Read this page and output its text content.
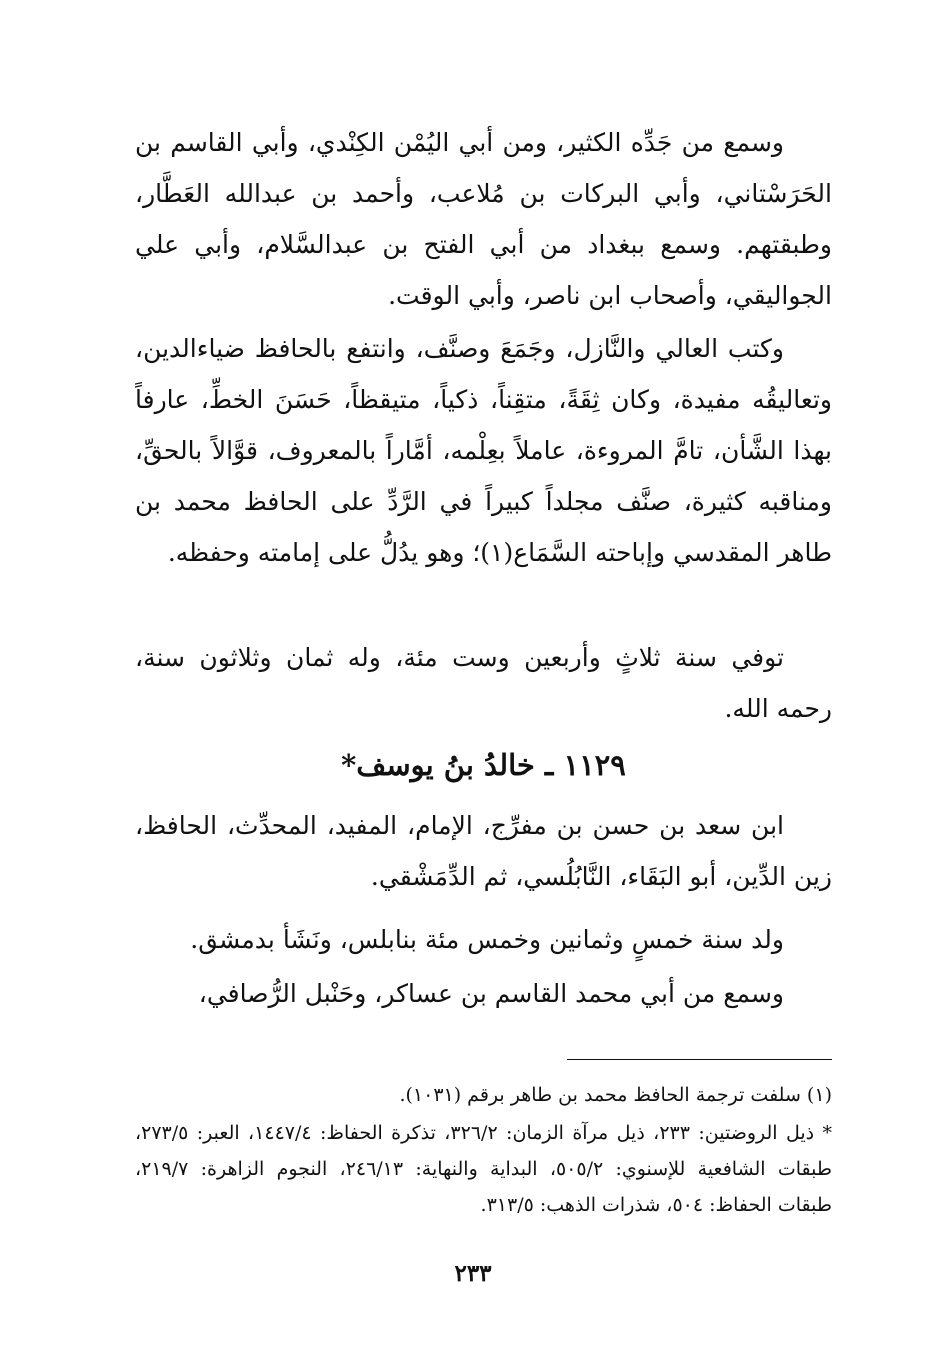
وسمع من جَدِّه الكثير، ومن أبي اليُمْن الكِنْدي، وأبي القاسم بن الحَرَسْتاني، وأبي البركات بن مُلاعب، وأحمد بن عبدالله العَطَّار، وطبقتهم. وسمع ببغداد من أبي الفتح بن عبدالسَّلام، وأبي علي الجواليقي، وأصحاب ابن ناصر، وأبي الوقت.

وكتب العالي والنَّازل، وجَمَعَ وصنَّف، وانتفع بالحافظ ضياءالدين، وتعاليقُه مفيدة، وكان ثِقَةً، متقِناً، ذكياً، متيقظاً، حَسَنَ الخطِّ، عارفاً بهذا الشَّأن، تامَّ المروءة، عاملاً بعِلْمه، أمَّاراً بالمعروف، قوَّالاً بالحقِّ، ومناقبه كثيرة، صنَّف مجلداً كبيراً في الرَّدِّ على الحافظ محمد بن طاهر المقدسي وإباحته السَّمَاع(١)؛ وهو يدُلُّ على إمامته وحفظه.

توفي سنة ثلاثٍ وأربعين وست مئة، وله ثمان وثلاثون سنة، رحمه الله.

١١٢٩ ـ خالدُ بنُ يوسف*

ابن سعد بن حسن بن مفرِّج، الإمام، المفيد، المحدِّث، الحافظ، زين الدِّين، أبو البَقَاء، النَّابُلُسي، ثم الدِّمَشْقي.

ولد سنة خمسٍ وثمانين وخمس مئة بنابلس، ونَشَأ بدمشق.

وسمع من أبي محمد القاسم بن عساكر، وحَنْبل الرُّصافي،

(١) سلفت ترجمة الحافظ محمد بن طاهر برقم (١٠٣١).

* ذيل الروضتين: ٢٣٣، ذيل مرآة الزمان: ٣٢٦/٢، تذكرة الحفاظ: ١٤٤٧/٤، العبر: ٢٧٣/٥، طبقات الشافعية للإسنوي: ٥٠٥/٢، البداية والنهاية: ٢٤٦/١٣، النجوم الزاهرة: ٢١٩/٧، طبقات الحفاظ: ٥٠٤، شذرات الذهب: ٣١٣/٥.

٢٣٣
